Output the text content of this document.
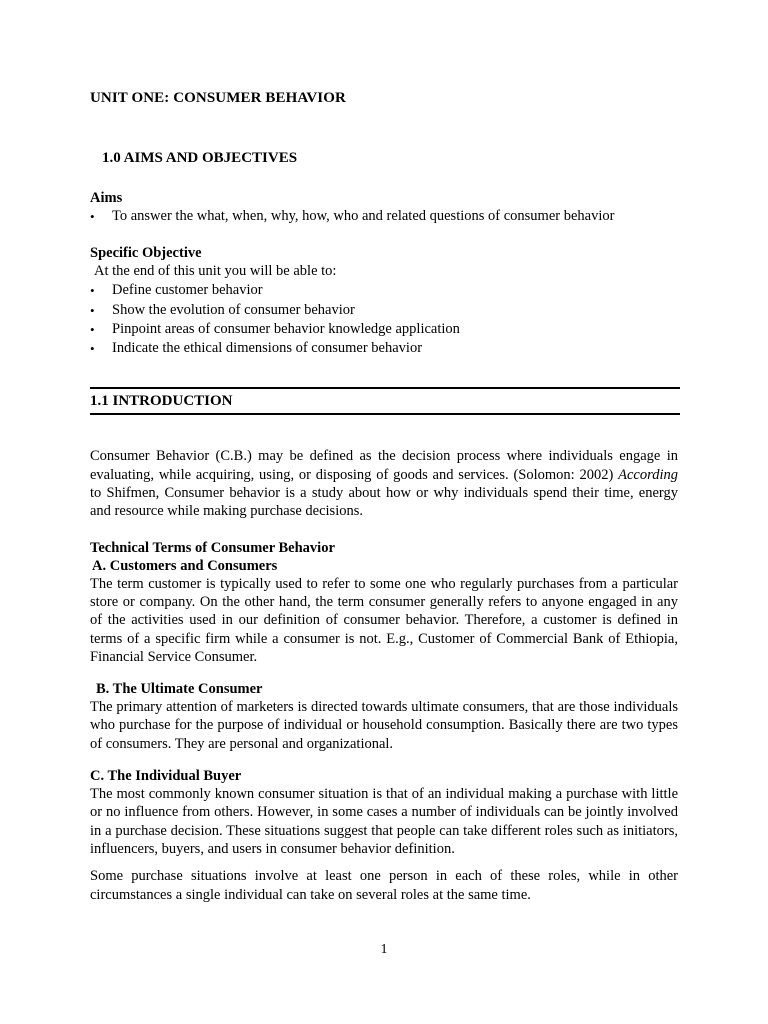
UNIT ONE: CONSUMER BEHAVIOR
1.0 AIMS AND OBJECTIVES
Aims
• To answer the what, when, why, how, who and related questions of consumer behavior
Specific Objective

At the end of this unit you will be able to:

• Define customer behavior
• Show the evolution of consumer behavior
• Pinpoint areas of consumer behavior knowledge application
• Indicate the ethical dimensions of consumer behavior
1.1 INTRODUCTION

Consumer Behavior (C.B.) may be defined as the decision process where individuals engage in evaluating, while acquiring, using, or disposing of goods and services. (Solomon: 2002) According to Shifmen, Consumer behavior is a study about how or why individuals spend their time, energy and resource while making purchase decisions.

Technical Terms of Consumer Behavior
A. Customers and Consumers

The term customer is typically used to refer to some one who regularly purchases from a particular store or company. On the other hand, the term consumer generally refers to anyone engaged in any of the activities used in our definition of consumer behavior. Therefore, a customer is defined in terms of a specific firm while a consumer is not. E.g., Customer of Commercial Bank of Ethiopia, Financial Service Consumer.

B. The Ultimate Consumer

The primary attention of marketers is directed towards ultimate consumers, that are those individuals who purchase for the purpose of individual or household consumption. Basically there are two types of consumers. They are personal and organizational.

C. The Individual Buyer

The most commonly known consumer situation is that of an individual making a purchase with little or no influence from others. However, in some cases a number of individuals can be jointly involved in a purchase decision. These situations suggest that people can take different roles such as initiators, influencers, buyers, and users in consumer behavior definition.

Some purchase situations involve at least one person in each of these roles, while in other circumstances a single individual can take on several roles at the same time.

1
